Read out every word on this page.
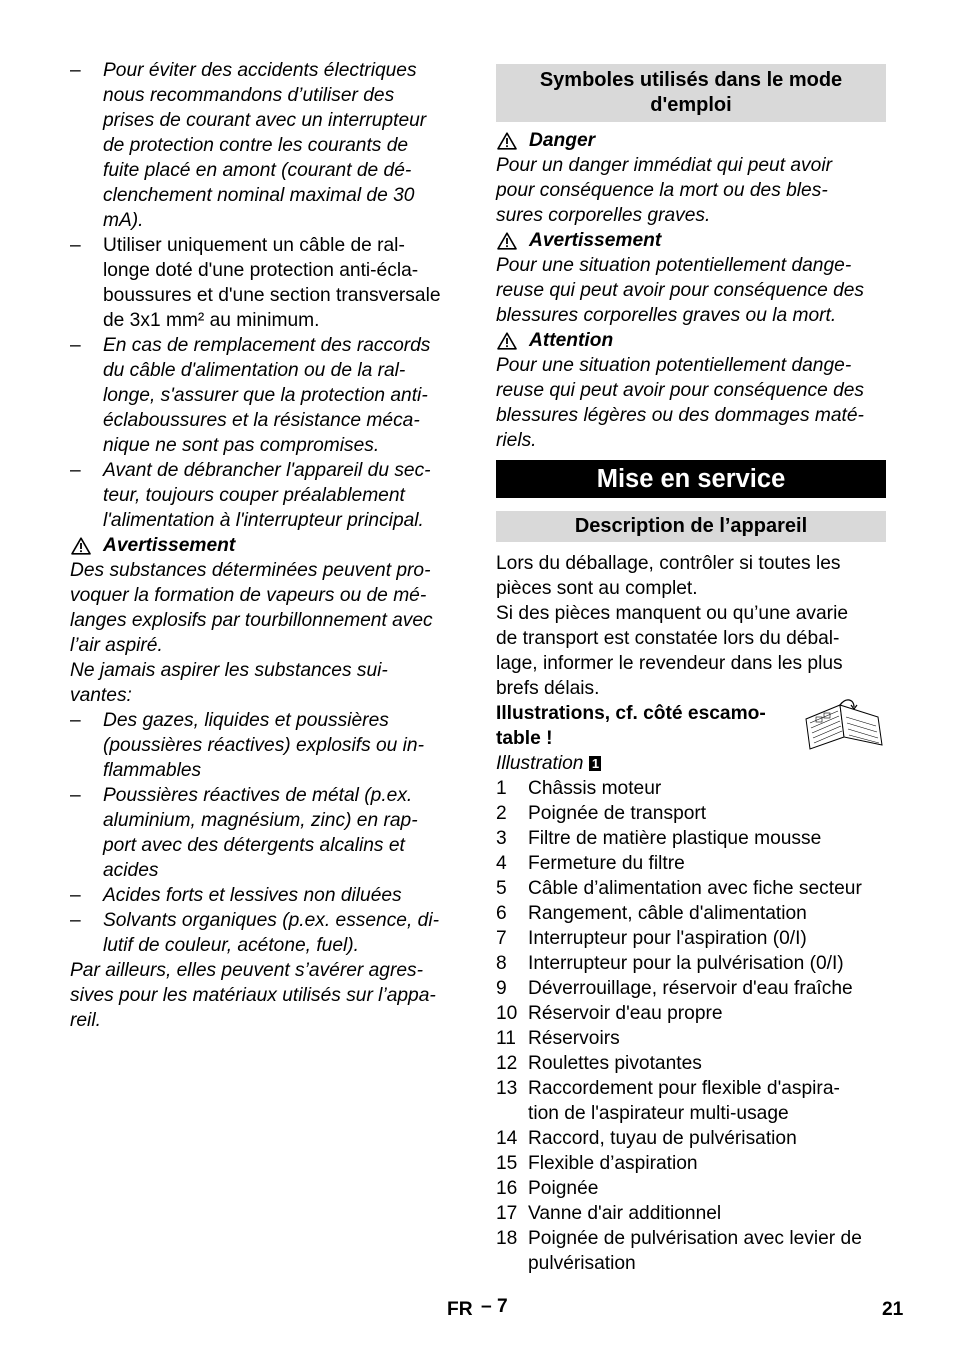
– Pour éviter des accidents électriques
nous recommandons d’utiliser des
prises de courant avec un interrupteur
de protection contre les courants de
fuite placé en amont (courant de dé-
clenchement nominal maximal de 30
mA).
– Utiliser uniquement un câble de ral-
longe doté d'une protection anti-écla-
boussures et d'une section transversale
de 3x1 mm² au minimum.
– En cas de remplacement des raccords
du câble d'alimentation ou de la ral-
longe, s'assurer que la protection anti-
éclaboussures et la résistance méca-
nique ne sont pas compromises.
– Avant de débrancher l'appareil du sec-
teur, toujours couper préalablement
l'alimentation à l'interrupteur principal.
Avertissement
Des substances déterminées peuvent pro-
voquer la formation de vapeurs ou de mé-
langes explosifs par tourbillonnement avec
l’air aspiré.
Ne jamais aspirer les substances sui-
vantes:
– Des gazes, liquides et poussières
(poussières réactives) explosifs ou in-
flammables
– Poussières réactives de métal (p.ex.
aluminium, magnésium, zinc) en rap-
port avec des détergents alcalins et
acides
– Acides forts et lessives non diluées
– Solvants organiques (p.ex. essence, di-
lutif de couleur, acétone, fuel).
Par ailleurs, elles peuvent s’avérer agres-
sives pour les matériaux utilisés sur l’appa-
reil.
Symboles utilisés dans le mode d'emploi
Danger
Pour un danger immédiat qui peut avoir
pour conséquence la mort ou des bles-
sures corporelles graves.
Avertissement
Pour une situation potentiellement dange-
reuse qui peut avoir pour conséquence des
blessures corporelles graves ou la mort.
Attention
Pour une situation potentiellement dange-
reuse qui peut avoir pour conséquence des
blessures légères ou des dommages maté-
riels.
Mise en service
Description de l’appareil
Lors du déballage, contrôler si toutes les
pièces sont au complet.
Si des pièces manquent ou qu’une avarie
de transport est constatée lors du débal-
lage, informer le revendeur dans les plus
brefs délais.
Illustrations, cf. côté escamo-
table !
Illustration 1
1 Châssis moteur
2 Poignée de transport
3 Filtre de matière plastique mousse
4 Fermeture du filtre
5 Câble d’alimentation avec fiche secteur
6 Rangement, câble d'alimentation
7 Interrupteur pour l'aspiration (0/I)
8 Interrupteur pour la pulvérisation (0/I)
9 Déverrouillage, réservoir d'eau fraîche
10 Réservoir d'eau propre
11 Réservoirs
12 Roulettes pivotantes
13 Raccordement pour flexible d'aspira-
tion de l'aspirateur multi-usage
14 Raccord, tuyau de pulvérisation
15 Flexible d’aspiration
16 Poignée
17 Vanne d'air additionnel
18 Poignée de pulvérisation avec levier de
pulvérisation
FR – 7	21
